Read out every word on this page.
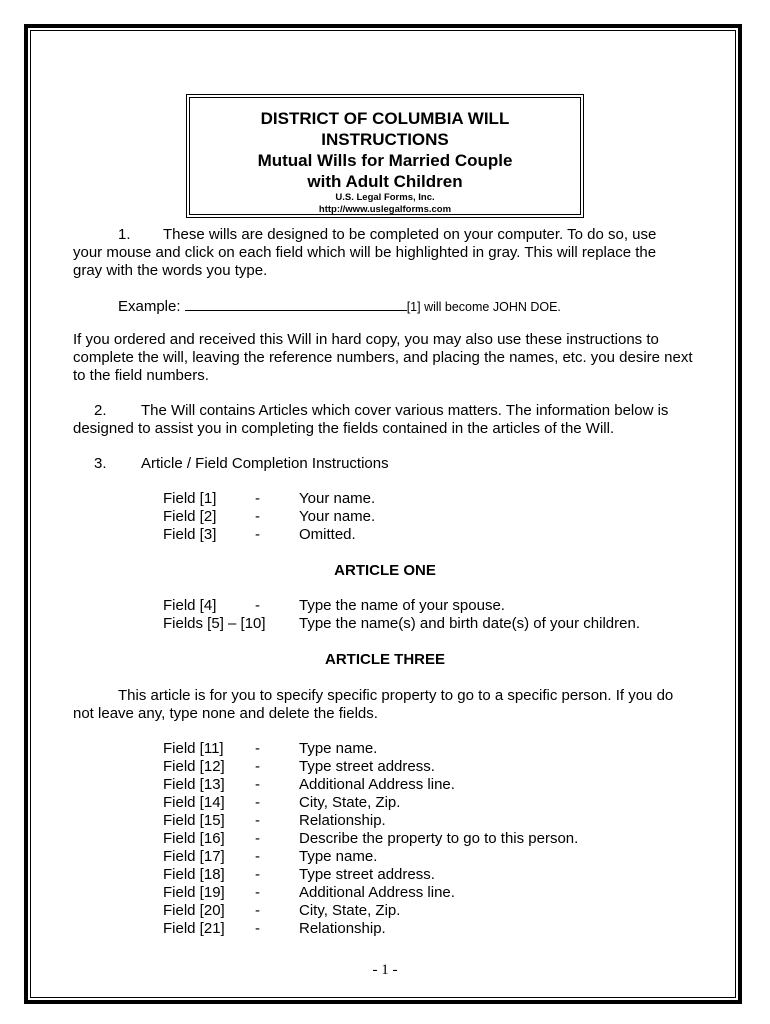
DISTRICT OF COLUMBIA WILL
INSTRUCTIONS
Mutual Wills for Married Couple
with Adult Children
U.S. Legal Forms, Inc.
http://www.uslegalforms.com
1. These wills are designed to be completed on your computer. To do so, use
your mouse and click on each field which will be highlighted in gray. This will replace the
gray with the words you type.
Example:	[1] will become JOHN DOE.
If you ordered and received this Will in hard copy, you may also use these instructions to
complete the will, leaving the reference numbers, and placing the names, etc. you desire next
to the field numbers.
2. The Will contains Articles which cover various matters. The information below is
designed to assist you in completing the fields contained in the articles of the Will.
3. Article / Field Completion Instructions
Field [1]	-	Your name.
Field [2]	-	Your name.
Field [3]	-	Omitted.
ARTICLE ONE
Field [4]	-	Type the name of your spouse.
Fields [5] – [10] Type the name(s) and birth date(s) of your children.
ARTICLE THREE
This article is for you to specify specific property to go to a specific person. If you do
not leave any, type none and delete the fields.
Field [11] -	Type name.
Field [12] -	Type street address.
Field [13] -	Additional Address line.
Field [14] -	City, State, Zip.
Field [15] -	Relationship.
Field [16] -	Describe the property to go to this person.
Field [17] -	Type name.
Field [18] -	Type street address.
Field [19] -	Additional Address line.
Field [20] -	City, State, Zip.
Field [21] -	Relationship.
- 1 -
